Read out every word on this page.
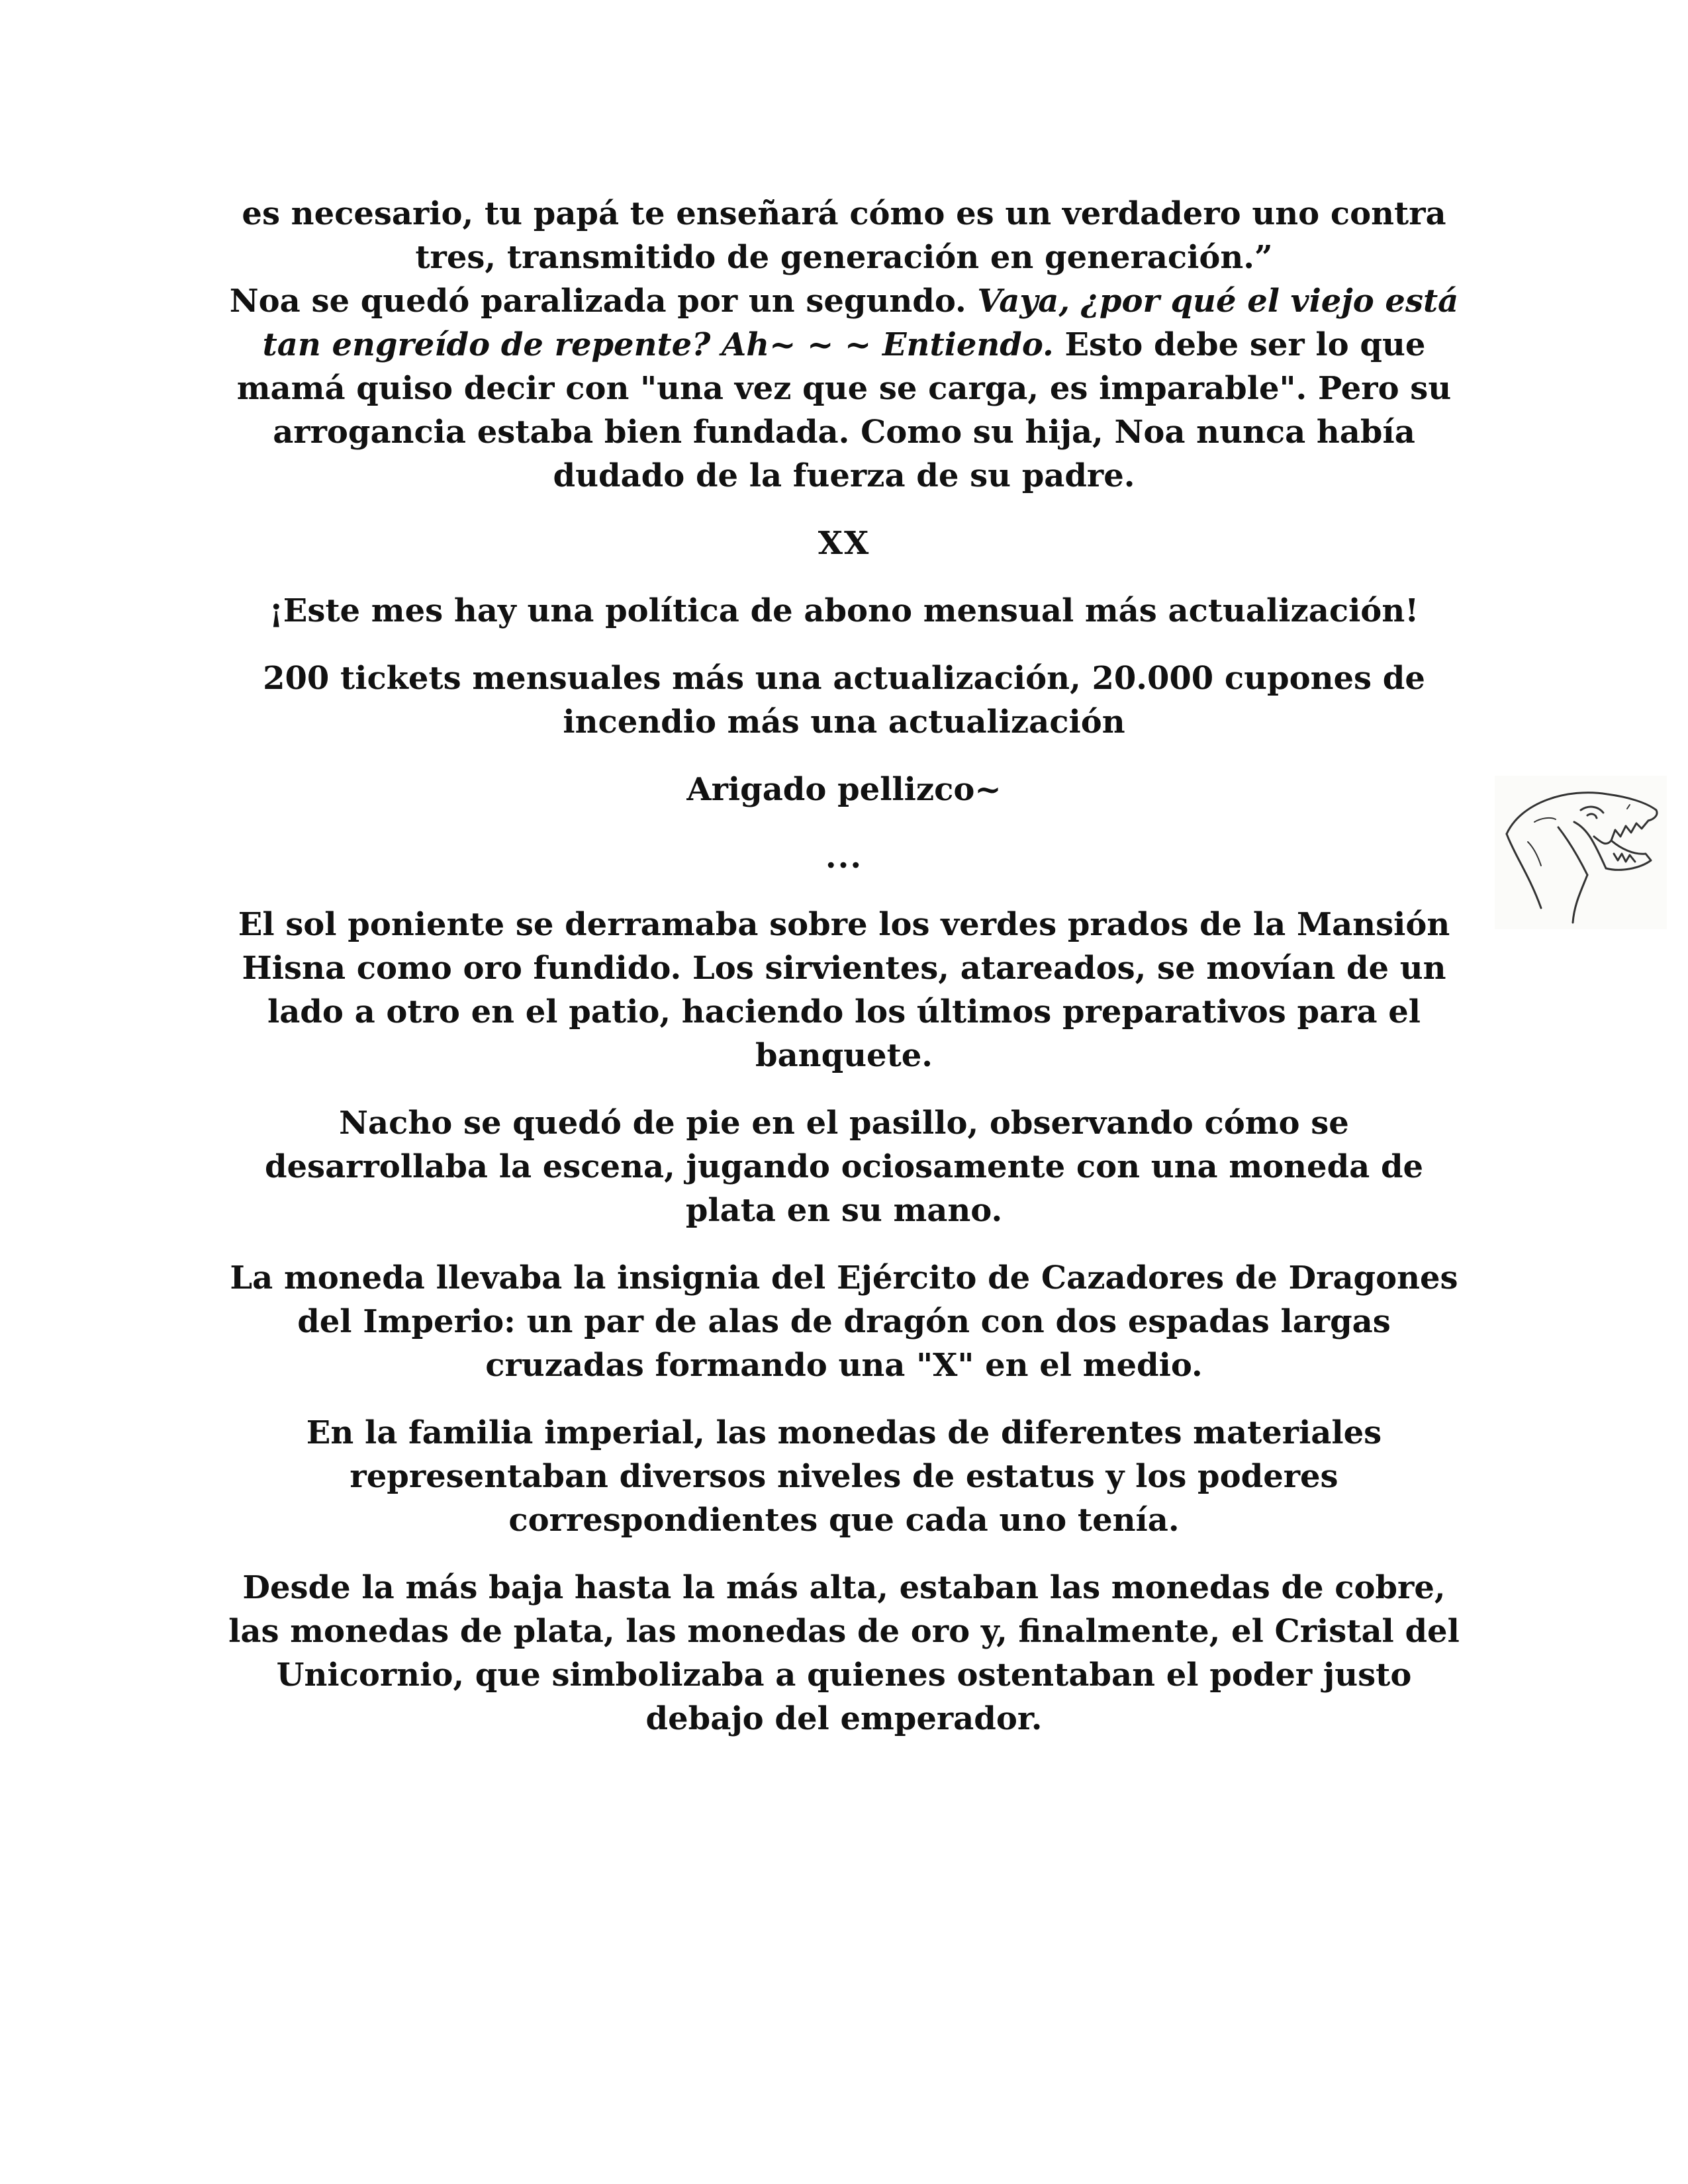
es necesario, tu papá te enseñará cómo es un verdadero uno contra tres, transmitido de generación en generación.”

Noa se quedó paralizada por un segundo. Vaya, ¿por qué el viejo está tan engreído de repente? Ah~ ~ ~ Entiendo. Esto debe ser lo que mamá quiso decir con "una vez que se carga, es imparable". Pero su arrogancia estaba bien fundada. Como su hija, Noa nunca había dudado de la fuerza de su padre.

XX

¡Este mes hay una política de abono mensual más actualización!

200 tickets mensuales más una actualización, 20.000 cupones de incendio más una actualización

Arigado pellizco~

...

El sol poniente se derramaba sobre los verdes prados de la Mansión Hisna como oro fundido. Los sirvientes, atareados, se movían de un lado a otro en el patio, haciendo los últimos preparativos para el banquete.

Nacho se quedó de pie en el pasillo, observando cómo se desarrollaba la escena, jugando ociosamente con una moneda de plata en su mano.

La moneda llevaba la insignia del Ejército de Cazadores de Dragones del Imperio: un par de alas de dragón con dos espadas largas cruzadas formando una "X" en el medio.

En la familia imperial, las monedas de diferentes materiales representaban diversos niveles de estatus y los poderes correspondientes que cada uno tenía.

Desde la más baja hasta la más alta, estaban las monedas de cobre, las monedas de plata, las monedas de oro y, finalmente, el Cristal del Unicornio, que simbolizaba a quienes ostentaban el poder justo debajo del emperador.
